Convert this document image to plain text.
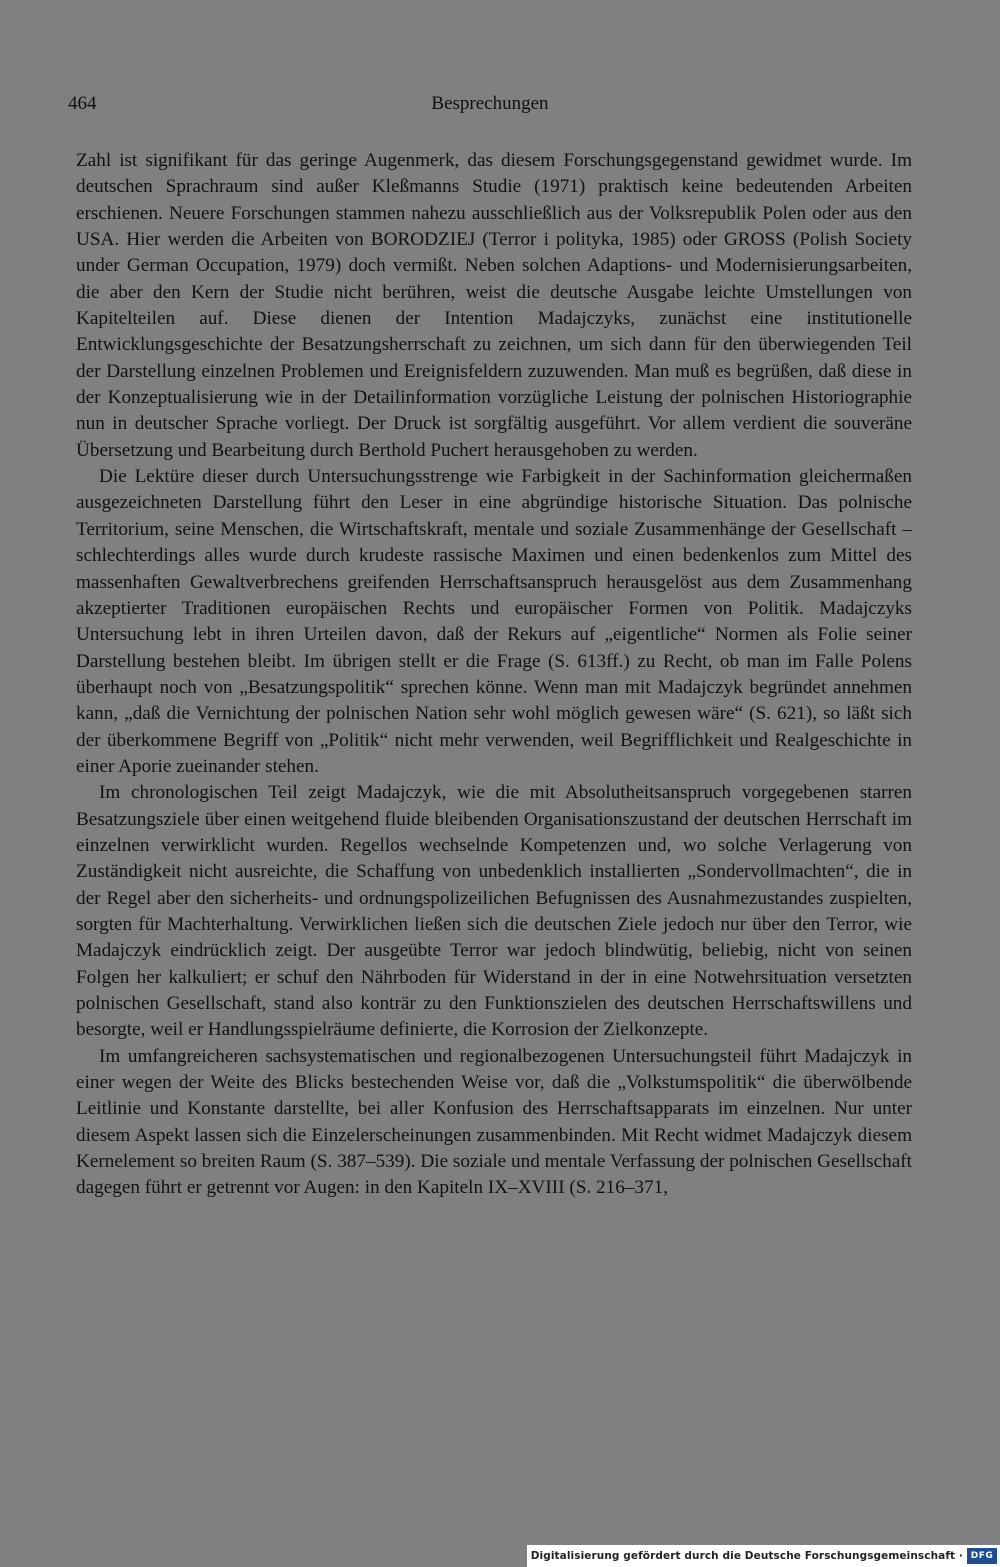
464	Besprechungen

Zahl ist signifikant für das geringe Augenmerk, das diesem Forschungsgegenstand gewidmet wurde. Im deutschen Sprachraum sind außer Kleßmanns Studie (1971) praktisch keine bedeutenden Arbeiten erschienen. Neuere Forschungen stammen nahezu ausschließlich aus der Volksrepublik Polen oder aus den USA. Hier werden die Arbeiten von BORODZIEJ (Terror i polityka, 1985) oder GROSS (Polish Society under German Occupation, 1979) doch vermißt. Neben solchen Adaptions- und Modernisierungsarbeiten, die aber den Kern der Studie nicht berühren, weist die deutsche Ausgabe leichte Umstellungen von Kapitelteilen auf. Diese dienen der Intention Madajczyks, zunächst eine institutionelle Entwicklungsgeschichte der Besatzungsherrschaft zu zeichnen, um sich dann für den überwiegenden Teil der Darstellung einzelnen Problemen und Ereignisfeldern zuzuwenden. Man muß es begrüßen, daß diese in der Konzeptualisierung wie in der Detailinformation vorzügliche Leistung der polnischen Historiographie nun in deutscher Sprache vorliegt. Der Druck ist sorgfältig ausgeführt. Vor allem verdient die souveräne Übersetzung und Bearbeitung durch Berthold Puchert herausgehoben zu werden.

Die Lektüre dieser durch Untersuchungsstrenge wie Farbigkeit in der Sachinformation gleichermaßen ausgezeichneten Darstellung führt den Leser in eine abgründige historische Situation. Das polnische Territorium, seine Menschen, die Wirtschaftskraft, mentale und soziale Zusammenhänge der Gesellschaft – schlechterdings alles wurde durch krudeste rassische Maximen und einen bedenkenlos zum Mittel des massenhaften Gewaltverbrechens greifenden Herrschaftsanspruch herausgelöst aus dem Zusammenhang akzeptierter Traditionen europäischen Rechts und europäischer Formen von Politik. Madajczyks Untersuchung lebt in ihren Urteilen davon, daß der Rekurs auf „eigentliche“ Normen als Folie seiner Darstellung bestehen bleibt. Im übrigen stellt er die Frage (S. 613ff.) zu Recht, ob man im Falle Polens überhaupt noch von „Besatzungspolitik“ sprechen könne. Wenn man mit Madajczyk begründet annehmen kann, „daß die Vernichtung der polnischen Nation sehr wohl möglich gewesen wäre“ (S. 621), so läßt sich der überkommene Begriff von „Politik“ nicht mehr verwenden, weil Begrifflichkeit und Realgeschichte in einer Aporie zueinander stehen.

Im chronologischen Teil zeigt Madajczyk, wie die mit Absolutheitsanspruch vorgegebenen starren Besatzungsziele über einen weitgehend fluide bleibenden Organisationszustand der deutschen Herrschaft im einzelnen verwirklicht wurden. Regellos wechselnde Kompetenzen und, wo solche Verlagerung von Zuständigkeit nicht ausreichte, die Schaffung von unbedenklich installierten „Sondervollmachten“, die in der Regel aber den sicherheits- und ordnungspolizeilichen Befugnissen des Ausnahmezustandes zuspielten, sorgten für Machterhaltung. Verwirklichen ließen sich die deutschen Ziele jedoch nur über den Terror, wie Madajczyk eindrücklich zeigt. Der ausgeübte Terror war jedoch blindwütig, beliebig, nicht von seinen Folgen her kalkuliert; er schuf den Nährboden für Widerstand in der in eine Notwehrsituation versetzten polnischen Gesellschaft, stand also konträr zu den Funktionszielen des deutschen Herrschaftswillens und besorgte, weil er Handlungsspielräume definierte, die Korrosion der Zielkonzepte.

Im umfangreicheren sachsystematischen und regionalbezogenen Untersuchungsteil führt Madajczyk in einer wegen der Weite des Blicks bestechenden Weise vor, daß die „Volkstumspolitik“ die überwölbende Leitlinie und Konstante darstellte, bei aller Konfusion des Herrschaftsapparats im einzelnen. Nur unter diesem Aspekt lassen sich die Einzelerscheinungen zusammenbinden. Mit Recht widmet Madajczyk diesem Kernelement so breiten Raum (S. 387–539). Die soziale und mentale Verfassung der polnischen Gesellschaft dagegen führt er getrennt vor Augen: in den Kapiteln IX–XVIII (S. 216–371,

Digitalisierung gefördert durch die Deutsche Forschungsgemeinschaft · DFG
